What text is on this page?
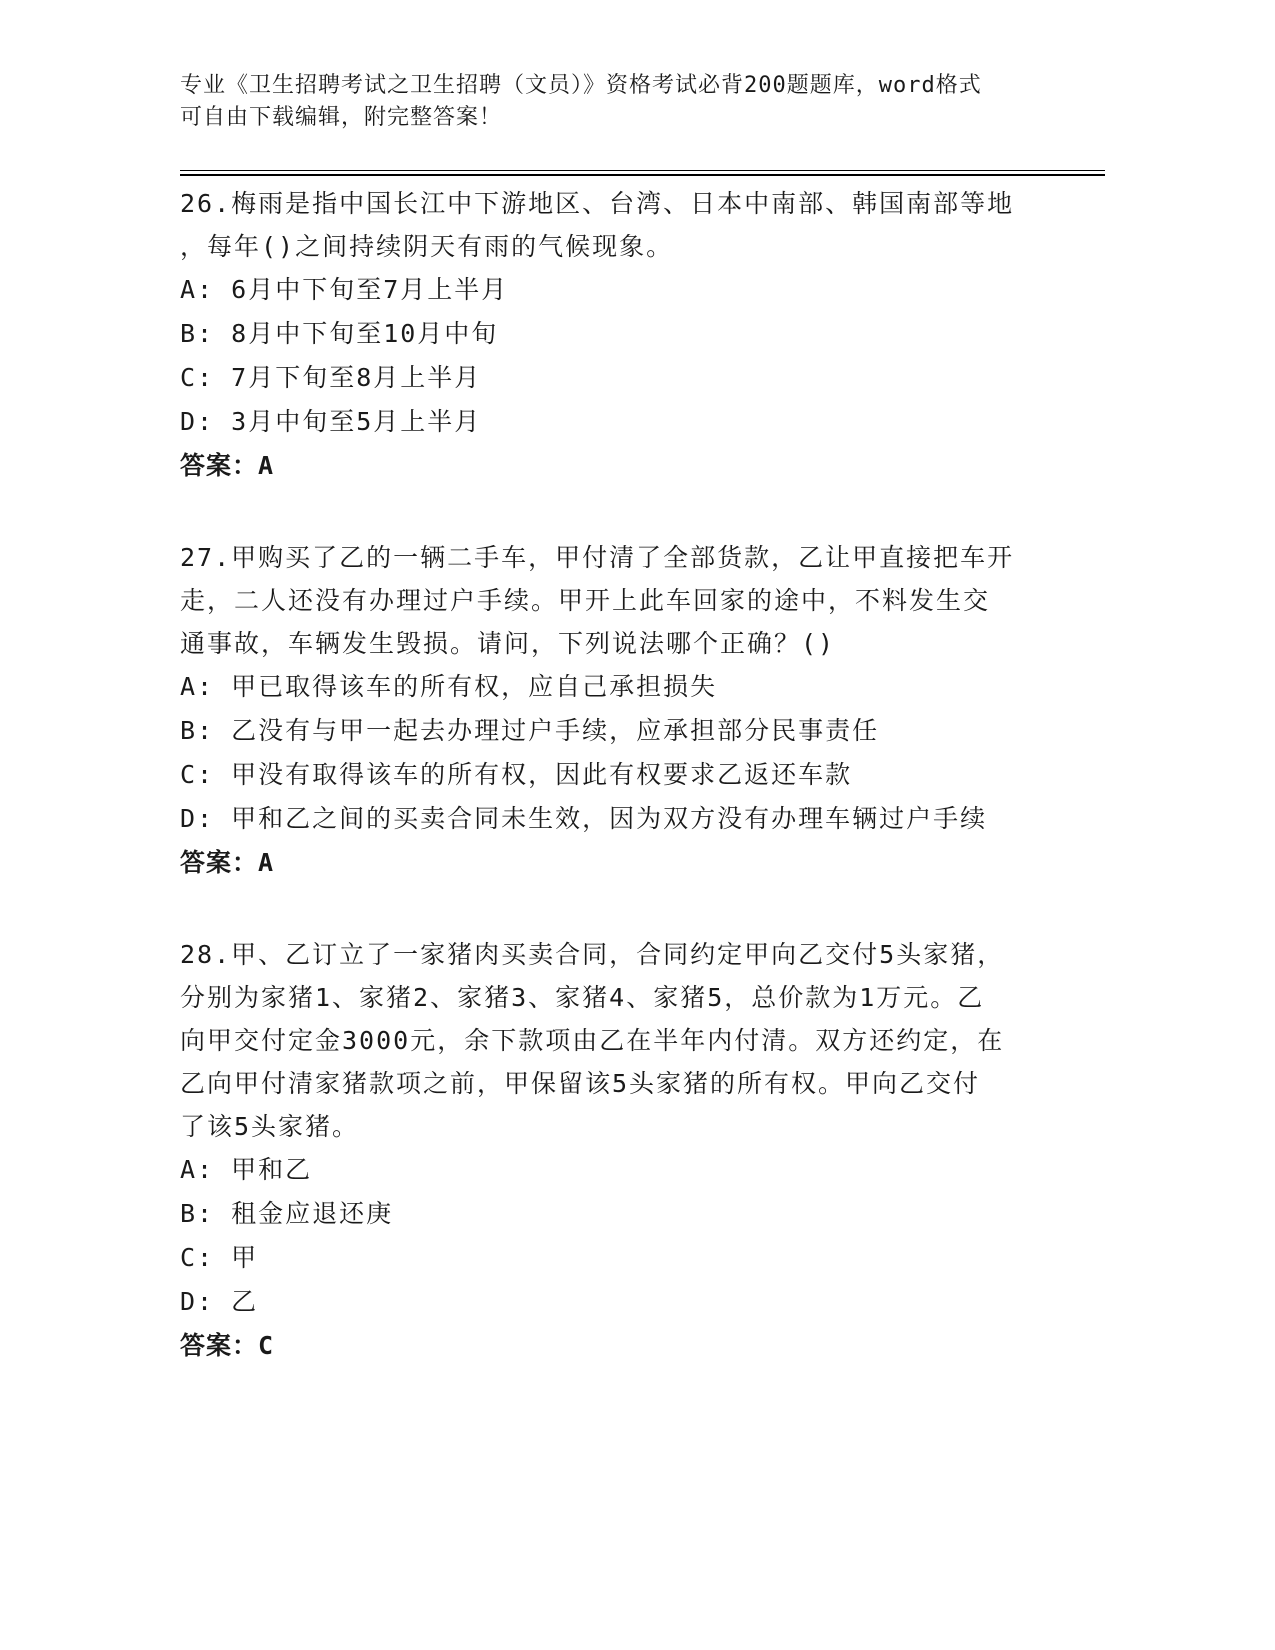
专业《卫生招聘考试之卫生招聘（文员）》资格考试必背200题题库，word格式
可自由下载编辑，附完整答案！

26.梅雨是指中国长江中下游地区、台湾、日本中南部、韩国南部等地
，每年()之间持续阴天有雨的气候现象。

A: 6月中下旬至7月上半月

B: 8月中下旬至10月中旬

C: 7月下旬至8月上半月

D: 3月中旬至5月上半月

答案：A

27.甲购买了乙的一辆二手车，甲付清了全部货款，乙让甲直接把车开
走，二人还没有办理过户手续。甲开上此车回家的途中，不料发生交
通事故，车辆发生毁损。请问，下列说法哪个正确？()

A: 甲已取得该车的所有权，应自己承担损失

B: 乙没有与甲一起去办理过户手续，应承担部分民事责任

C: 甲没有取得该车的所有权，因此有权要求乙返还车款

D: 甲和乙之间的买卖合同未生效，因为双方没有办理车辆过户手续

答案：A

28.甲、乙订立了一家猪肉买卖合同，合同约定甲向乙交付5头家猪，
分别为家猪1、家猪2、家猪3、家猪4、家猪5，总价款为1万元。乙
向甲交付定金3000元，余下款项由乙在半年内付清。双方还约定，在
乙向甲付清家猪款项之前，甲保留该5头家猪的所有权。甲向乙交付
了该5头家猪。

A: 甲和乙

B: 租金应退还庚

C: 甲

D: 乙

答案：C
